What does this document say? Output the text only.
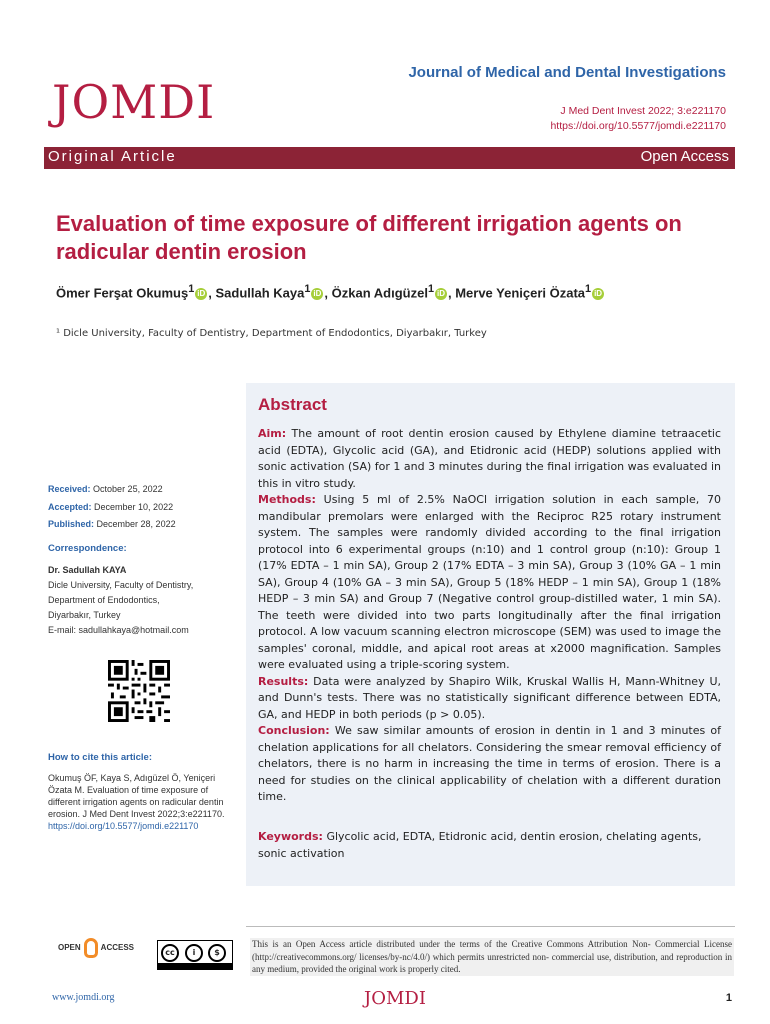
JOMDI
Journal of Medical and Dental Investigations
J Med Dent Invest 2022; 3:e221170
https://doi.org/10.5577/jomdi.e221170
Original Article	Open Access
Evaluation of time exposure of different irrigation agents on radicular dentin erosion
Ömer Ferşat Okumuş$^1$ iD , Sadullah Kaya$^1$ iD , Özkan Adıgüzel$^1$ iD , Merve Yeniçeri Özata$^1$ iD
¹ Dicle University, Faculty of Dentistry, Department of Endodontics, Diyarbakır, Turkey
Received: October 25, 2022
Accepted: December 10, 2022
Published: December 28, 2022
Correspondence:
Dr. Sadullah KAYA
Dicle University, Faculty of Dentistry,
Department of Endodontics,
Diyarbakır, Turkey
E-mail: sadullahkaya@hotmail.com
How to cite this article:
Okumuş ÖF, Kaya S, Adıgüzel Ö, Yeniçeri Özata M. Evaluation of time exposure of different irrigation agents on radicular dentin erosion. J Med Dent Invest 2022;3:e221170.
https://doi.org/10.5577/jomdi.e221170
Abstract

Aim: The amount of root dentin erosion caused by Ethylene diamine tetraacetic acid (EDTA), Glycolic acid (GA), and Etidronic acid (HEDP) solutions applied with sonic activation (SA) for 1 and 3 minutes during the final irrigation was evaluated in this in vitro study.

Methods: Using 5 ml of 2.5% NaOCl irrigation solution in each sample, 70 mandibular premolars were enlarged with the Reciproc R25 rotary instrument system. The samples were randomly divided according to the final irrigation protocol into 6 experimental groups (n:10) and 1 control group (n:10): Group 1 (17% EDTA – 1 min SA), Group 2 (17% EDTA – 3 min SA), Group 3 (10% GA – 1 min SA), Group 4 (10% GA – 3 min SA), Group 5 (18% HEDP – 1 min SA), Group 1 (18% HEDP – 3 min SA) and Group 7 (Negative control group-distilled water, 1 min SA). The teeth were divided into two parts longitudinally after the final irrigation protocol. A low vacuum scanning electron microscope (SEM) was used to image the samples' coronal, middle, and apical root areas at x2000 magnification. Samples were evaluated using a triple-scoring system.

Results: Data were analyzed by Shapiro Wilk, Kruskal Wallis H, Mann-Whitney U, and Dunn's tests. There was no statistically significant difference between EDTA, GA, and HEDP in both periods (p > 0.05).

Conclusion: We saw similar amounts of erosion in dentin in 1 and 3 minutes of chelation applications for all chelators. Considering the smear removal efficiency of chelators, there is no harm in increasing the time in terms of erosion. There is a need for studies on the clinical applicability of chelation with a different duration time.

Keywords: Glycolic acid, EDTA, Etidronic acid, dentin erosion, chelating agents, sonic activation
OPEN	ACCESS
cc	i	$
This is an Open Access article distributed under the terms of the Creative Commons Attribution Non- Commercial License (http://creativecommons.org/ licenses/by-nc/4.0/) which permits unrestricted non- commercial use, distribution, and reproduction in any medium, provided the original work is properly cited.
www.jomdi.org	JOMDI	1
